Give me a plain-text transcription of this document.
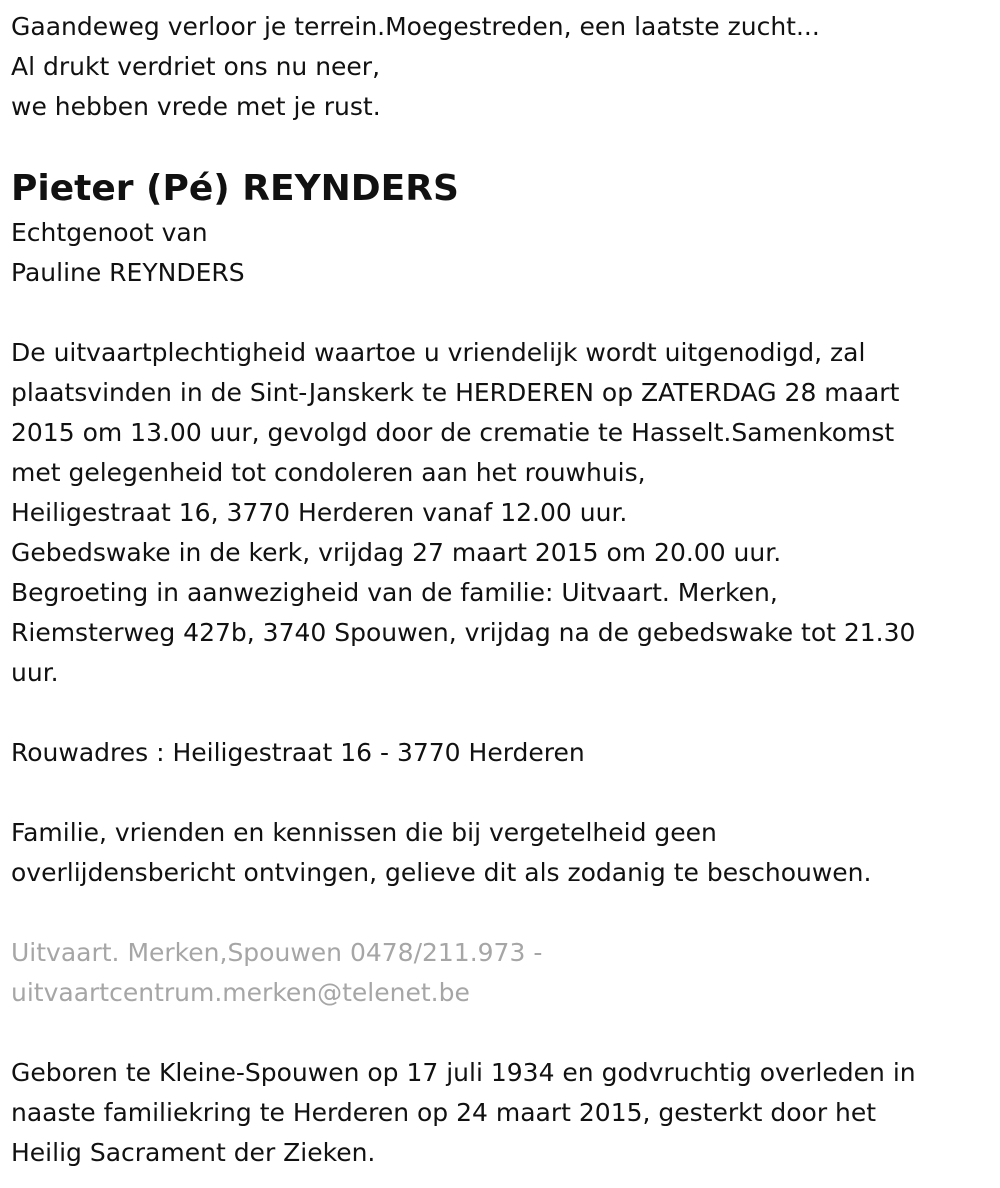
Gaandeweg verloor je terrein.Moegestreden, een laatste zucht...

Al drukt verdriet ons nu neer,

we hebben vrede met je rust.

Pieter (Pé) REYNDERS

Echtgenoot van

Pauline REYNDERS

De uitvaartplechtigheid waartoe u vriendelijk wordt uitgenodigd, zal

plaatsvinden in de Sint-Janskerk te HERDEREN op ZATERDAG 28 maart

2015 om 13.00 uur, gevolgd door de crematie te Hasselt.Samenkomst

met gelegenheid tot condoleren aan het rouwhuis,

Heiligestraat 16, 3770 Herderen vanaf 12.00 uur.

Gebedswake in de kerk, vrijdag 27 maart 2015 om 20.00 uur.

Begroeting in aanwezigheid van de familie: Uitvaart. Merken,

Riemsterweg 427b, 3740 Spouwen, vrijdag na de gebedswake tot 21.30

uur.

Rouwadres : Heiligestraat 16 - 3770 Herderen

Familie, vrienden en kennissen die bij vergetelheid geen

overlijdensbericht ontvingen, gelieve dit als zodanig te beschouwen.

Uitvaart. Merken,Spouwen 0478/211.973 -

uitvaartcentrum.merken@telenet.be

Geboren te Kleine-Spouwen op 17 juli 1934 en godvruchtig overleden in

naaste familiekring te Herderen op 24 maart 2015, gesterkt door het

Heilig Sacrament der Zieken.
